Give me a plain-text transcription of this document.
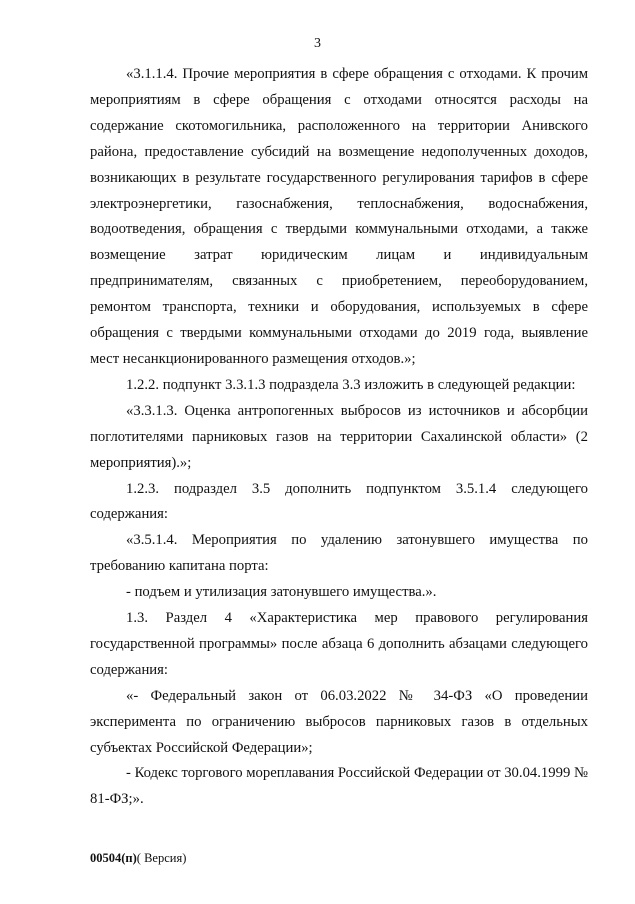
3

«3.1.1.4. Прочие мероприятия в сфере обращения с отходами. К прочим мероприятиям в сфере обращения с отходами относятся расходы на содержание скотомогильника, расположенного на территории Анивского района, предоставление субсидий на возмещение недополученных доходов, возникающих в результате государственного регулирования тарифов в сфере электроэнергетики, газоснабжения, теплоснабжения, водоснабжения, водоотведения, обращения с твердыми коммунальными отходами, а также возмещение затрат юридическим лицам и индивидуальным предпринимателям, связанных с приобретением, переоборудованием, ремонтом транспорта, техники и оборудования, используемых в сфере обращения с твердыми коммунальными отходами до 2019 года, выявление мест несанкционированного размещения отходов.»;

1.2.2. подпункт 3.3.1.3 подраздела 3.3 изложить в следующей редакции:

«3.3.1.3. Оценка антропогенных выбросов из источников и абсорбции поглотителями парниковых газов на территории Сахалинской области» (2 мероприятия).»;

1.2.3. подраздел 3.5 дополнить подпунктом 3.5.1.4 следующего содержания:

«3.5.1.4. Мероприятия по удалению затонувшего имущества по требованию капитана порта:

- подъем и утилизация затонувшего имущества.».

1.3. Раздел 4 «Характеристика мер правового регулирования государственной программы» после абзаца 6 дополнить абзацами следующего содержания:

«- Федеральный закон от 06.03.2022 № 34-ФЗ «О проведении эксперимента по ограничению выбросов парниковых газов в отдельных субъектах Российской Федерации»;

- Кодекс торгового мореплавания Российской Федерации от 30.04.1999 № 81-ФЗ;».

00504(п)( Версия)
